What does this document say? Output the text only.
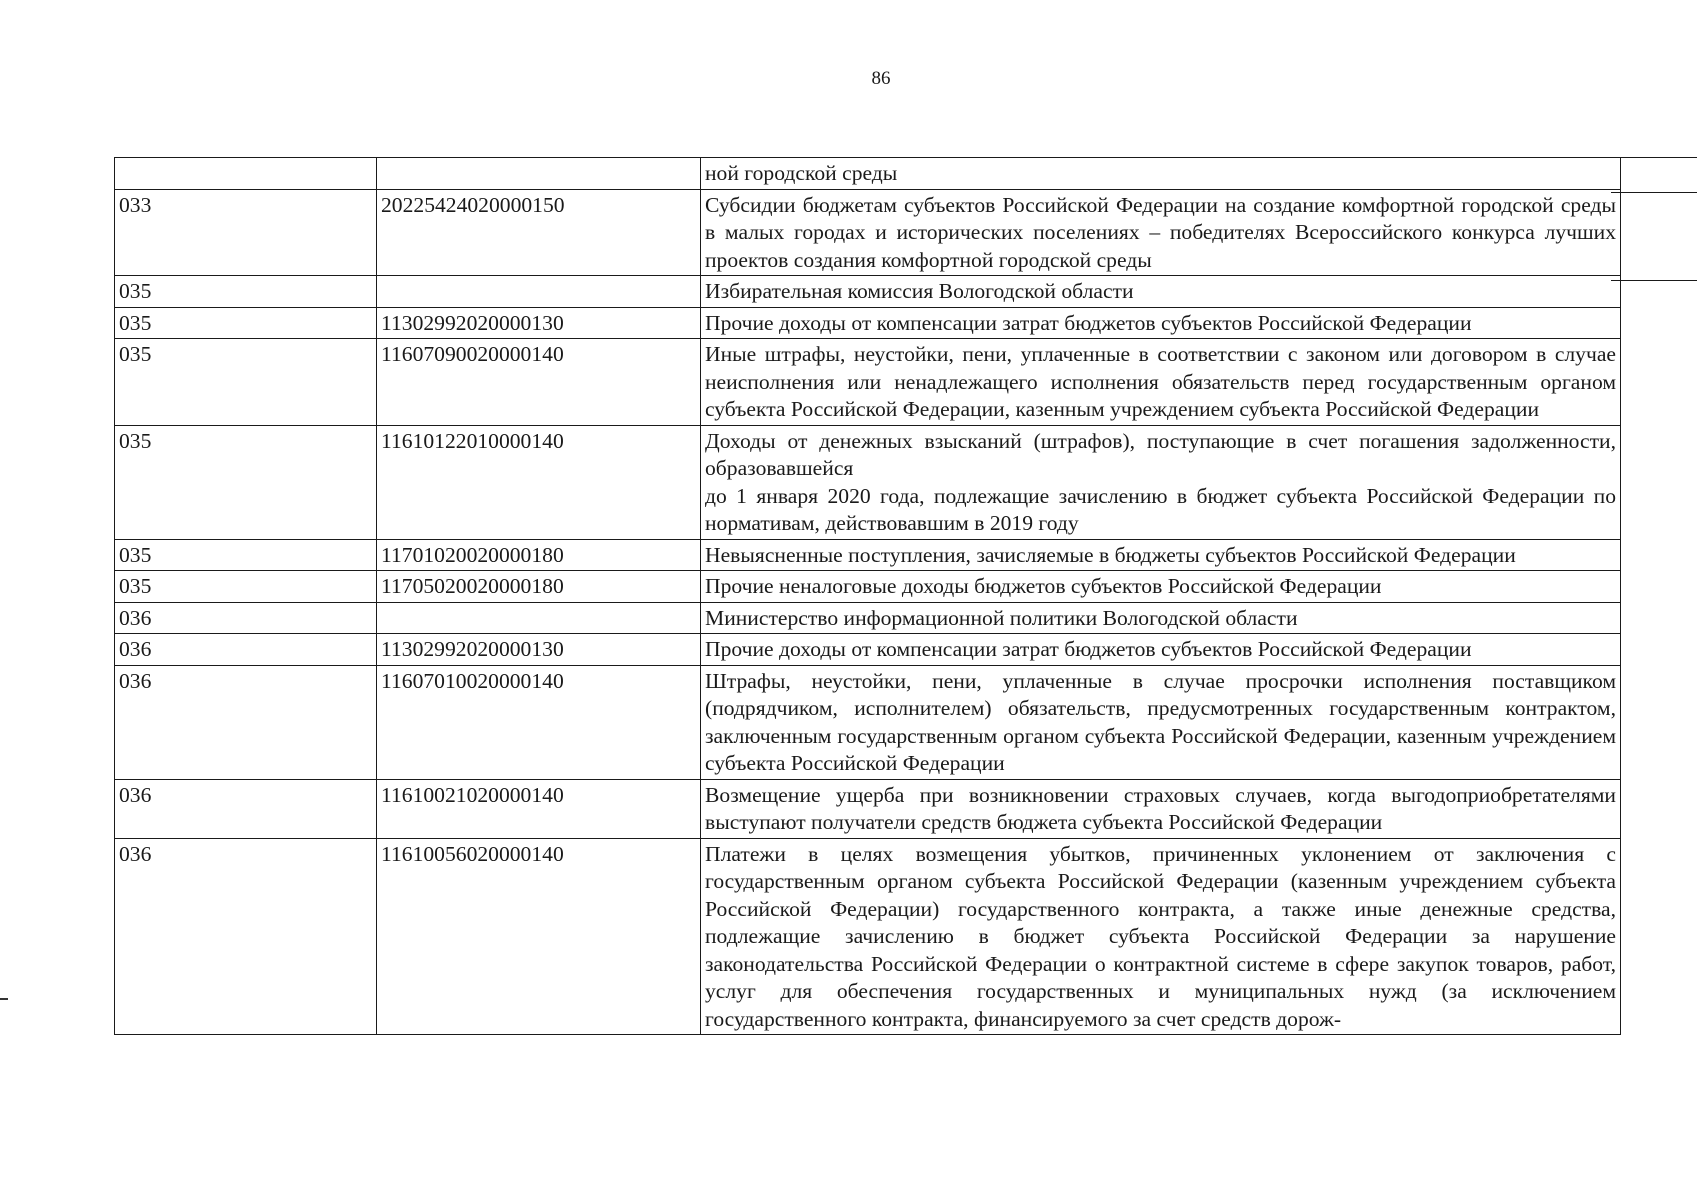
86
		ной городской среды
033	20225424020000150	Субсидии бюджетам субъектов Российской Федерации на создание комфортной городской среды в малых городах и исторических поселениях – победителях Всероссийского конкурса лучших проектов создания комфортной городской среды
035		Избирательная комиссия Вологодской области
035	11302992020000130	Прочие доходы от компенсации затрат бюджетов субъектов Российской Федерации
035	11607090020000140	Иные штрафы, неустойки, пени, уплаченные в соответствии с законом или договором в случае неисполнения или ненадлежащего исполнения обязательств перед государственным органом субъекта Российской Федерации, казенным учреждением субъекта Российской Федерации
035	11610122010000140	Доходы от денежных взысканий (штрафов), поступающие в счет погашения задолженности, образовавшейся
до 1 января 2020 года, подлежащие зачислению в бюджет субъекта Российской Федерации по нормативам, действовавшим в 2019 году
035	11701020020000180	Невыясненные поступления, зачисляемые в бюджеты субъектов Российской Федерации
035	11705020020000180	Прочие неналоговые доходы бюджетов субъектов Российской Федерации
036		Министерство информационной политики Вологодской области
036	11302992020000130	Прочие доходы от компенсации затрат бюджетов субъектов Российской Федерации
036	11607010020000140	Штрафы, неустойки, пени, уплаченные в случае просрочки исполнения поставщиком (подрядчиком, исполнителем) обязательств, предусмотренных государственным контрактом, заключенным государственным органом субъекта Российской Федерации, казенным учреждением субъекта Российской Федерации
036	11610021020000140	Возмещение ущерба при возникновении страховых случаев, когда выгодоприобретателями выступают получатели средств бюджета субъекта Российской Федерации
036	11610056020000140	Платежи в целях возмещения убытков, причиненных уклонением от заключения с государственным органом субъекта Российской Федерации (казенным учреждением субъекта Российской Федерации) государственного контракта, а также иные денежные средства, подлежащие зачислению в бюджет субъекта Российской Федерации за нарушение законодательства Российской Федерации о контрактной системе в сфере закупок товаров, работ, услуг для обеспечения государственных и муниципальных нужд (за исключением государственного контракта, финансируемого за счет средств дорож-
